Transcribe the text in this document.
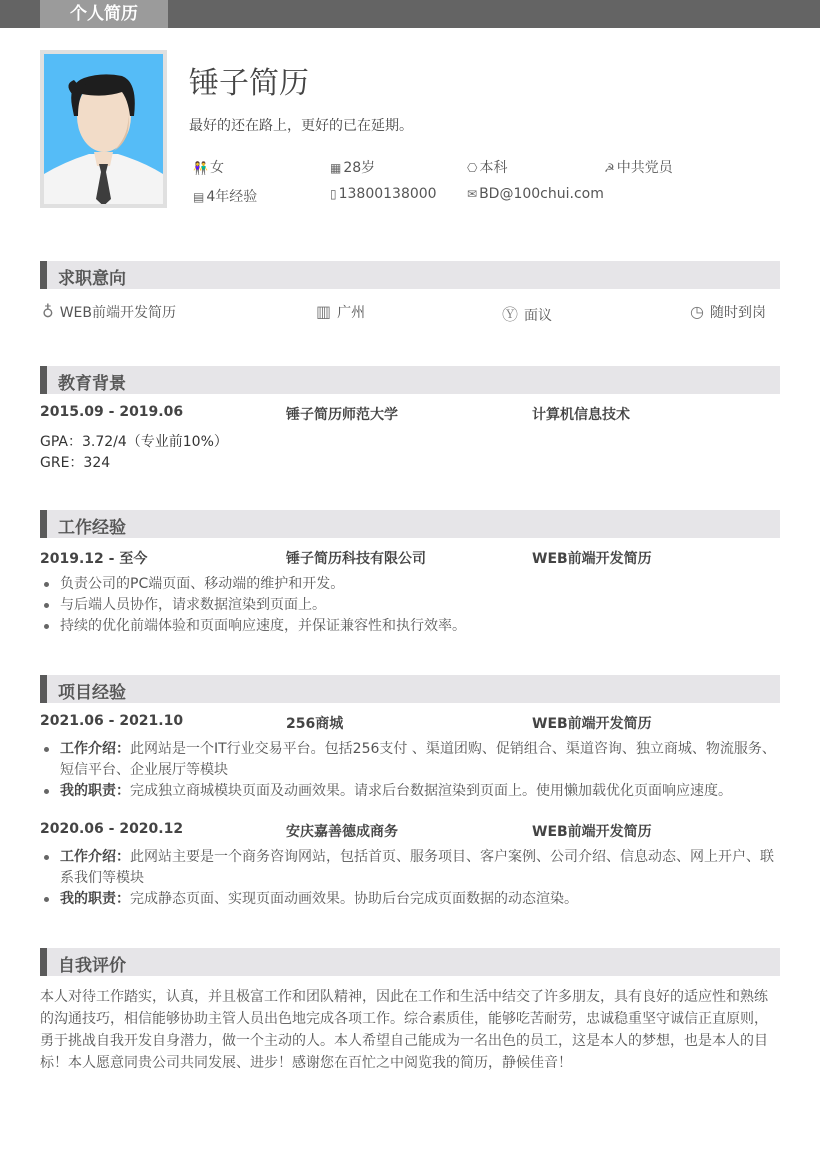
个人简历
锤子简历
最好的还在路上，更好的已在延期。
👫 女	▦ 28岁	⎔ 本科	☭ 中共党员
▤ 4年经验	▯ 13800138000	✉ BD@100chui.com
求职意向
♁ WEB前端开发简历	▥ 广州	Ⓨ 面议	◷ 随时到岗
教育背景
2015.09 - 2019.06	锤子简历师范大学	计算机信息技术
GPA：3.72/4（专业前10%）
GRE：324
工作经验
2019.12 - 至今	锤子简历科技有限公司	WEB前端开发简历
负责公司的PC端页面、移动端的维护和开发。
与后端人员协作，请求数据渲染到页面上。
持续的优化前端体验和页面响应速度，并保证兼容性和执行效率。
项目经验
2021.06 - 2021.10	256商城	WEB前端开发简历
工作介绍：此网站是一个IT行业交易平台。包括256支付 、渠道团购、促销组合、渠道咨询、独立商城、物流服务、短信平台、企业展厅等模块
我的职责：完成独立商城模块页面及动画效果。请求后台数据渲染到页面上。使用懒加载优化页面响应速度。
2020.06 - 2020.12	安庆嘉善德成商务	WEB前端开发简历
工作介绍：此网站主要是一个商务咨询网站，包括首页、服务项目、客户案例、公司介绍、信息动态、网上开户、联系我们等模块
我的职责：完成静态页面、实现页面动画效果。协助后台完成页面数据的动态渲染。
自我评价
本人对待工作踏实，认真，并且极富工作和团队精神，因此在工作和生活中结交了许多朋友，具有良好的适应性和熟练的沟通技巧，相信能够协助主管人员出色地完成各项工作。综合素质佳，能够吃苦耐劳，忠诚稳重坚守诚信正直原则，勇于挑战自我开发自身潜力，做一个主动的人。本人希望自己能成为一名出色的员工，这是本人的梦想，也是本人的目标！本人愿意同贵公司共同发展、进步！感谢您在百忙之中阅览我的简历，静候佳音！
